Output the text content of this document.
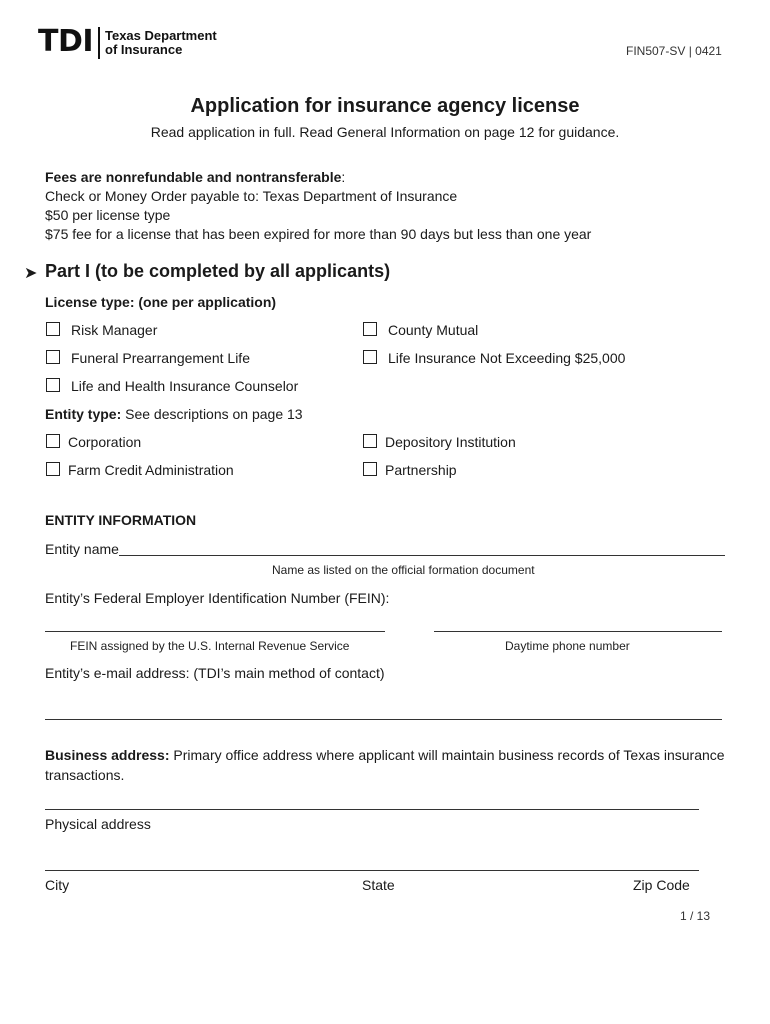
TDI Texas Department
of Insurance	FIN507-SV | 0421
Application for insurance agency license
Read application in full. Read General Information on page 12 for guidance.
Fees are nonrefundable and nontransferable:
Check or Money Order payable to: Texas Department of Insurance
$50 per license type
$75 fee for a license that has been expired for more than 90 days but less than one year
➤ Part I (to be completed by all applicants)
License type: (one per application)
Risk Manager	County Mutual
Funeral Prearrangement Life	Life Insurance Not Exceeding $25,000
Life and Health Insurance Counselor
Entity type: See descriptions on page 13
Corporation	Depository Institution
Farm Credit Administration	Partnership
ENTITY INFORMATION
Entity name
Name as listed on the official formation document
Entity’s Federal Employer Identification Number (FEIN):
FEIN assigned by the U.S. Internal Revenue Service	Daytime phone number
Entity’s e-mail address: (TDI’s main method of contact)
Business address: Primary office address where applicant will maintain business records of Texas insurance
transactions.
Physical address
City	State	Zip Code
1 / 13
